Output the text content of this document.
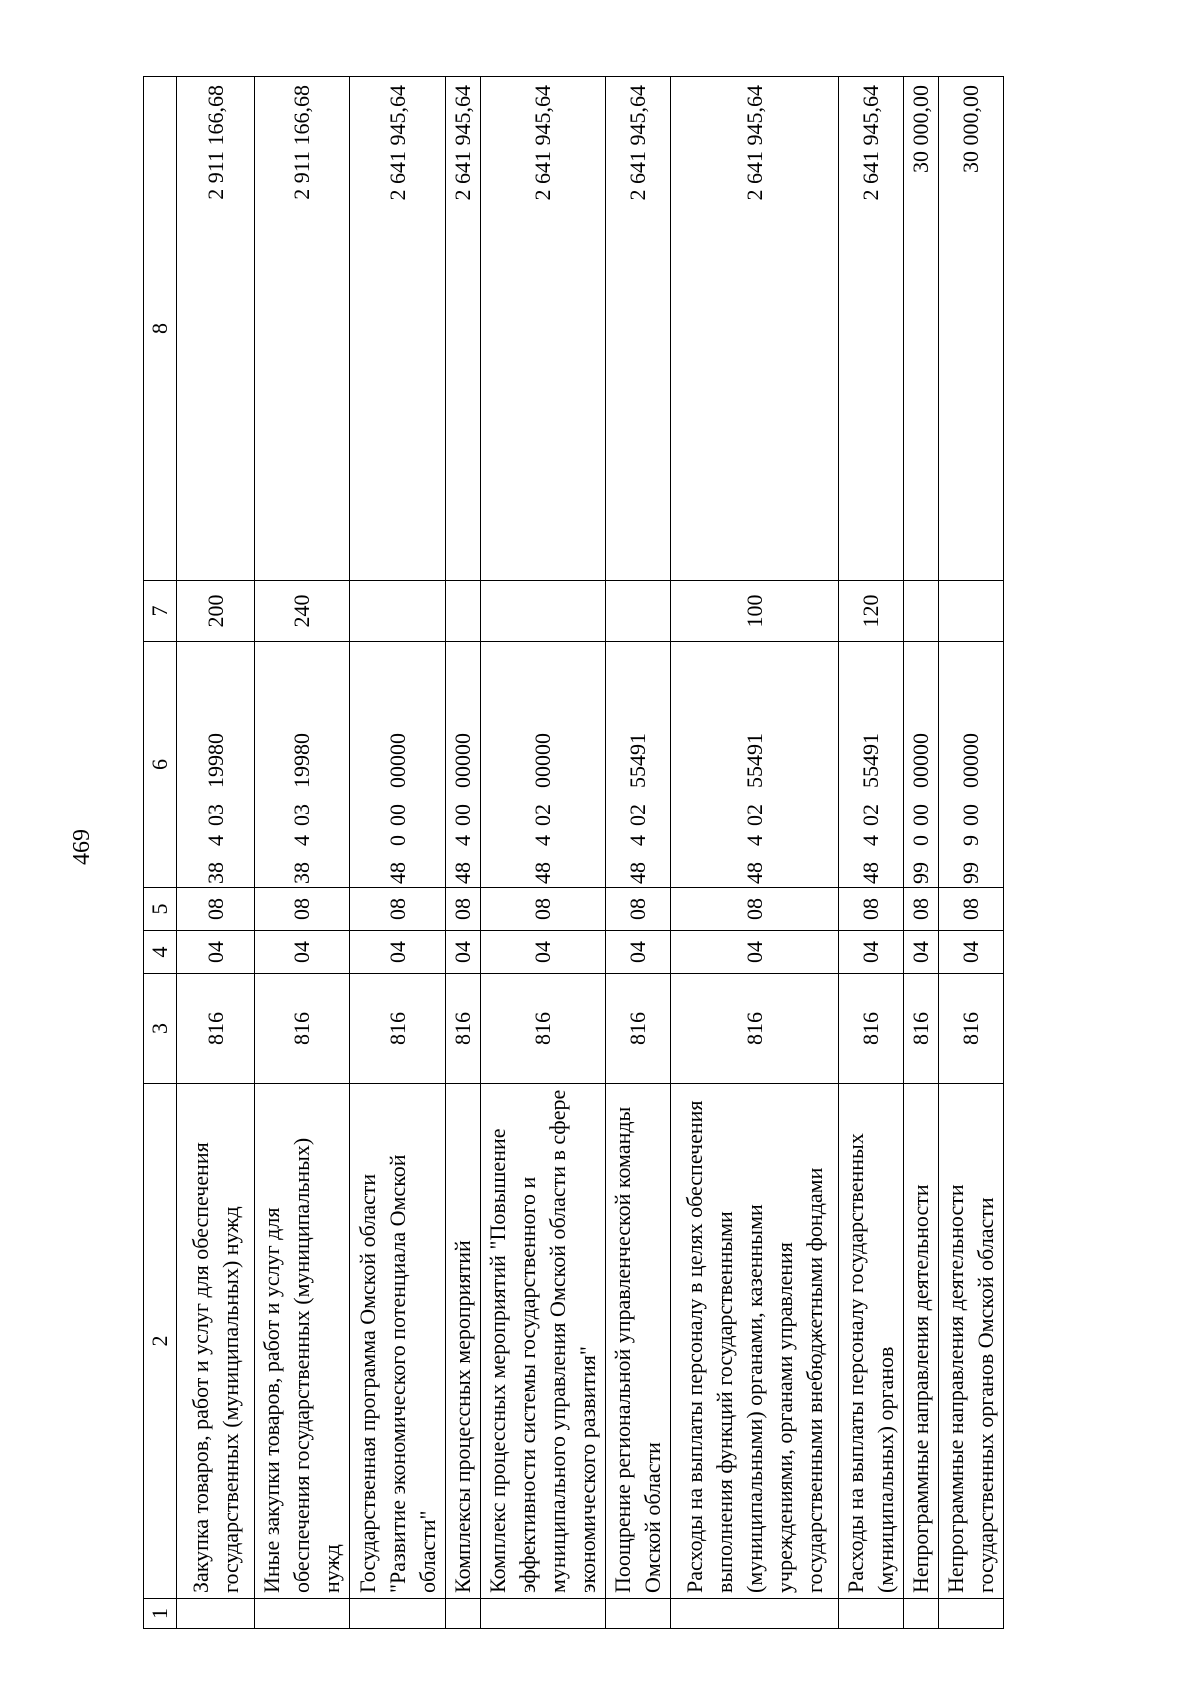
469
1	2	3	4	5	6	7	8
	Закупка товаров, работ и услуг для обеспечения государственных (муниципальных) нужд	816	04	08	3840319980	200	2 911 166,68
	Иные закупки товаров, работ и услуг для обеспечения государственных (муниципальных) нужд	816	04	08	3840319980	240	2 911 166,68
	Государственная программа Омской области "Развитие экономического потенциала Омской области"	816	04	08	4800000000		2 641 945,64
	Комплексы процессных мероприятий	816	04	08	4840000000		2 641 945,64
	Комплекс процессных мероприятий "Повышение эффективности системы государственного и муниципального управления Омской области в сфере экономического развития"	816	04	08	4840200000		2 641 945,64
	Поощрение региональной управленческой команды Омской области	816	04	08	4840255491		2 641 945,64
	Расходы на выплаты персоналу в целях обеспечения выполнения функций государственными (муниципальными) органами, казенными учреждениями, органами управления государственными внебюджетными фондами	816	04	08	4840255491	100	2 641 945,64
	Расходы на выплаты персоналу государственных (муниципальных) органов	816	04	08	4840255491	120	2 641 945,64
	Непрограммные направления деятельности	816	04	08	9900000000		30 000,00
	Непрограммные направления деятельности государственных органов Омской области	816	04	08	9990000000		30 000,00
